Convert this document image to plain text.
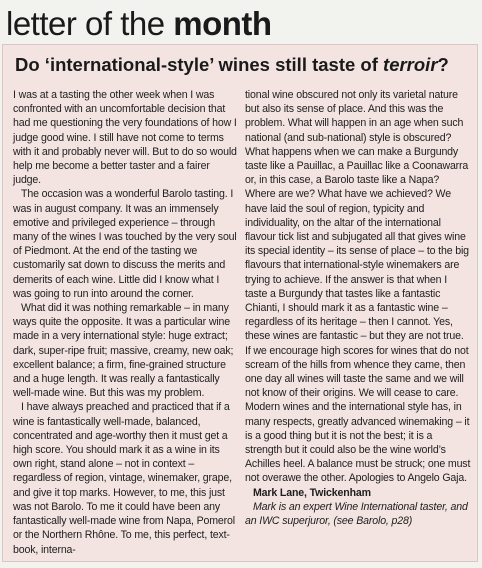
letter of the month
Do ‘international-style’ wines still taste of terroir?

I was at a tasting the other week when I was confronted with an uncomfortable decision that had me questioning the very foundations of how I judge good wine. I still have not come to terms with it and probably never will. But to do so would help me become a better taster and a fairer judge.

The occasion was a wonderful Barolo tasting. I was in august company. It was an immensely emotive and privileged experience – through many of the wines I was touched by the very soul of Piedmont. At the end of the tasting we customarily sat down to discuss the merits and demerits of each wine. Little did I know what I was going to run into around the corner.

What did it was nothing remarkable – in many ways quite the opposite. It was a particular wine made in a very international style: huge extract; dark, super-ripe fruit; massive, creamy, new oak; excellent balance; a firm, fine-grained structure and a huge length. It was really a fantastically well-made wine. But this was my problem.

I have always preached and practiced that if a wine is fantastically well-made, balanced, concentrated and age-worthy then it must get a high score. You should mark it as a wine in its own right, stand alone – not in context – regardless of region, vintage, winemaker, grape, and give it top marks. However, to me, this just was not Barolo. To me it could have been any fantastically well-made wine from Napa, Pomerol or the Northern Rhône. To me, this perfect, text-book, interna-

tional wine obscured not only its varietal nature but also its sense of place. And this was the problem. What will happen in an age when such national (and sub-national) style is obscured? What happens when we can make a Burgundy taste like a Pauillac, a Pauillac like a Coonawarra or, in this case, a Barolo taste like a Napa? Where are we? What have we achieved? We have laid the soul of region, typicity and individuality, on the altar of the international flavour tick list and subjugated all that gives wine its special identity – its sense of place – to the big flavours that international-style winemakers are trying to achieve. If the answer is that when I taste a Burgundy that tastes like a fantastic Chianti, I should mark it as a fantastic wine – regardless of its heritage – then I cannot. Yes, these wines are fantastic – but they are not true. If we encourage high scores for wines that do not scream of the hills from whence they came, then one day all wines will taste the same and we will not know of their origins. We will cease to care. Modern wines and the international style has, in many respects, greatly advanced winemaking – it is a good thing but it is not the best; it is a strength but it could also be the wine world’s Achilles heel. A balance must be struck; one must not overawe the other. Apologies to Angelo Gaja.

Mark Lane, Twickenham

Mark is an expert Wine International taster, and an IWC superjuror, (see Barolo, p28)
